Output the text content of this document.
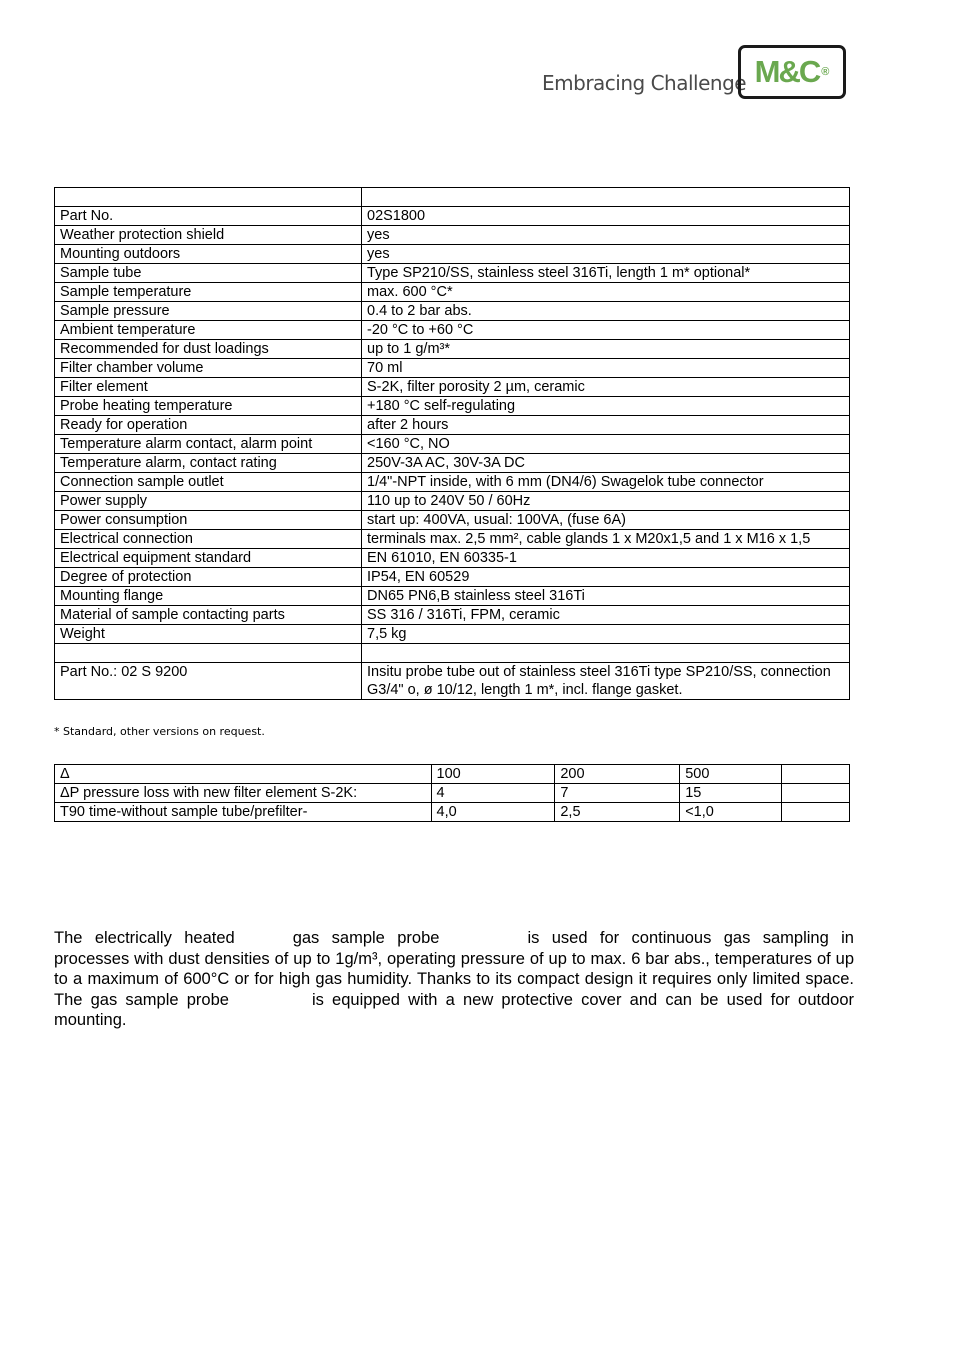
Embracing Challenge M&C ®

Part No.	02S1800
Weather protection shield	yes
Mounting outdoors	yes
Sample tube	Type SP210/SS, stainless steel 316Ti, length 1 m* optional*
Sample temperature	max. 600 °C*
Sample pressure	0.4 to 2 bar abs.
Ambient temperature	-20 °C to +60 °C
Recommended for dust loadings	up to 1 g/m³*
Filter chamber volume	70 ml
Filter element	S-2K, filter porosity 2 µm, ceramic
Probe heating temperature	+180 °C self-regulating
Ready for operation	after 2 hours
Temperature alarm contact, alarm point	<160 °C, NO
Temperature alarm, contact rating	250V-3A AC, 30V-3A DC
Connection sample outlet	1/4"-NPT inside, with 6 mm (DN4/6) Swagelok tube connector
Power supply	110 up to 240V 50 / 60Hz
Power consumption	start up: 400VA, usual: 100VA, (fuse 6A)
Electrical connection	terminals max. 2,5 mm², cable glands 1 x M20x1,5 and 1 x M16 x 1,5
Electrical equipment standard	EN 61010, EN 60335-1
Degree of protection	IP54, EN 60529
Mounting flange	DN65 PN6,B stainless steel 316Ti
Material of sample contacting parts	SS 316 / 316Ti, FPM, ceramic
Weight	7,5 kg

Part No.: 02 S 9200	Insitu probe tube out of stainless steel 316Ti type SP210/SS, connection G3/4" o, ø 10/12, length 1 m*, incl. flange gasket.
* Standard, other versions on request.
Δ	100	200	500	
ΔP pressure loss with new filter element S-2K:	4	7	15	
T90 time-without sample tube/prefilter-	4,0	2,5	<1,0	
The electrically heated	gas sample probe	is used for continuous gas sampling in processes with dust densities of up to 1g/m³, operating pressure of up to max. 6 bar abs., temperatures of up to a maximum of 600°C or for high gas humidity. Thanks to its compact design it requires only limited space. The gas sample probe	is equipped with a new protective cover and can be used for outdoor mounting.
